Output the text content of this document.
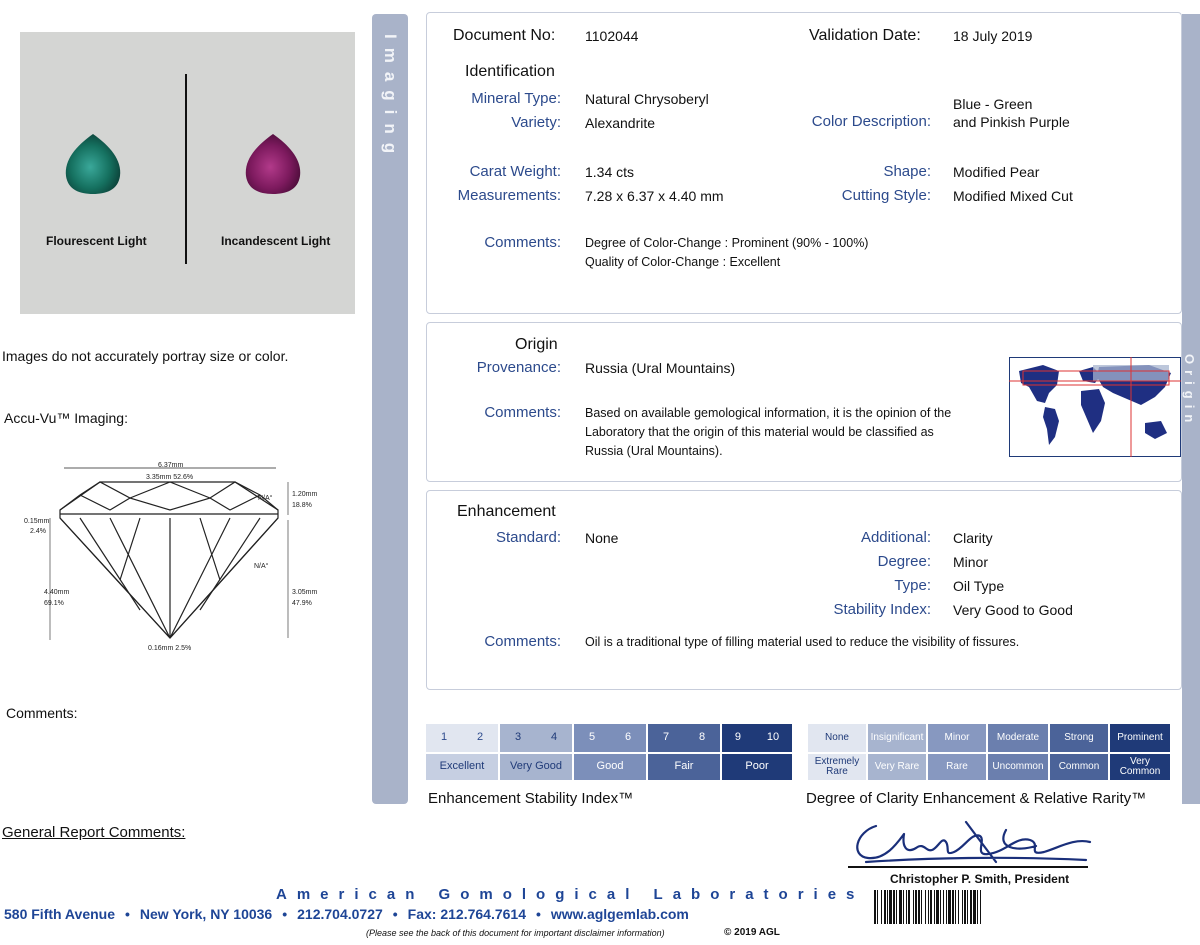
Flourescent Light	Incandescent Light
Images do not accurately portray size or color.
Accu-Vu™ Imaging:
6.37mm
3.35mm 52.6%
N/A°
1.20mm
18.8%
0.15mm
2.4%
N/A°
4.40mm
69.1%
3.05mm
47.9%
0.16mm 2.5%
Comments:
General Report Comments:
Imaging
Origin
Document No: 1102044	Validation Date: 18 July 2019
Identification
Mineral Type: Natural Chrysoberyl
Variety: Alexandrite	Color Description:
Blue - Green
and Pinkish Purple
Carat Weight: 1.34 cts	Shape: Modified Pear
Measurements: 7.28 x 6.37 x 4.40 mm	Cutting Style: Modified Mixed Cut
Comments: Degree of Color-Change : Prominent (90% - 100%)
Quality of Color-Change : Excellent
Origin
Provenance: Russia (Ural Mountains)
Comments: Based on available gemological information, it is the opinion of the
Laboratory that the origin of this material would be classified as
Russia (Ural Mountains).
Enhancement
Standard: None	Additional: Clarity
Degree: Minor
Type: Oil Type
Stability Index: Very Good to Good
Comments: Oil is a traditional type of filling material used to reduce the visibility of fissures.
1	2	3	4	5	6	7	8	9 10
Excellent	Very Good	Good	Fair	Poor
Enhancement Stability Index™
None	Insignificant	Minor	Moderate	Strong	Prominent
Extremely Rare	Very Rare	Rare	Uncommon	Common	Very Common
Degree of Clarity Enhancement & Relative Rarity™
Christopher P. Smith, President
American Gomological Laboratories
580 Fifth Avenue • New York, NY 10036 • 212.704.0727 • Fax: 212.764.7614 • www.aglgemlab.com
(Please see the back of this document for important disclaimer information)	© 2019 AGL
